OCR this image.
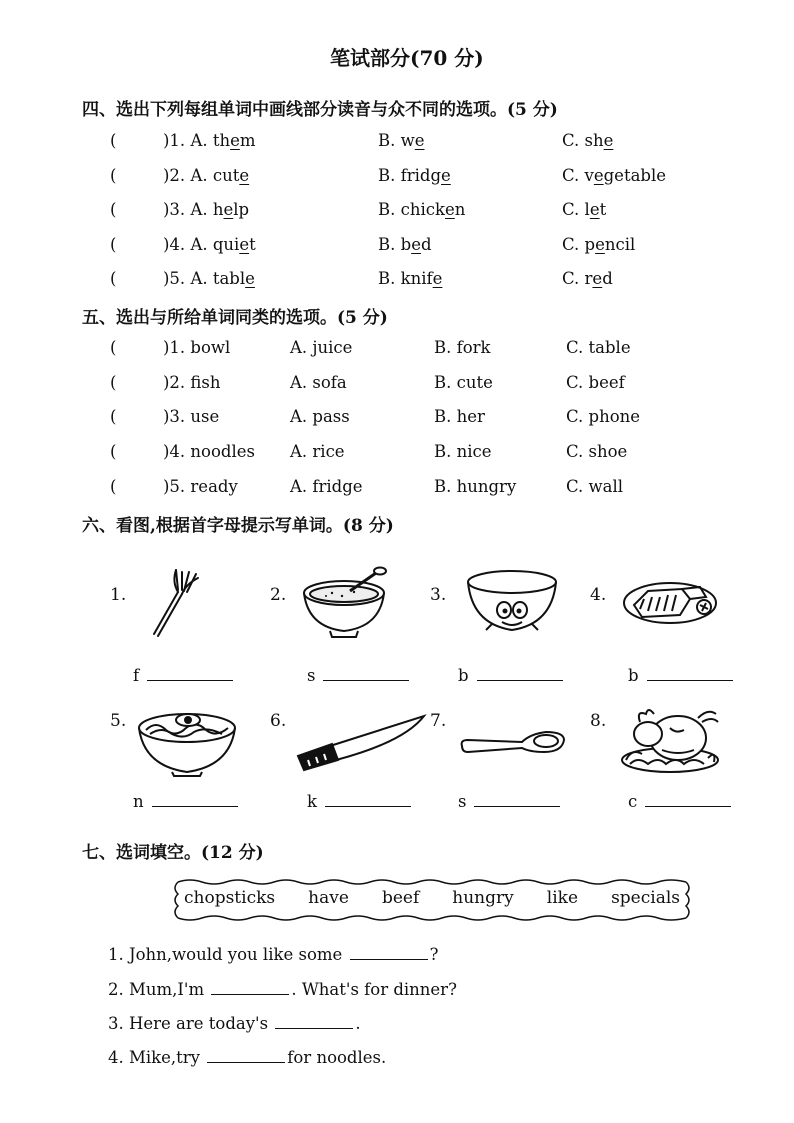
笔试部分(70 分)
四、选出下列每组单词中画线部分读音与众不同的选项。(5 分)
(	)1. A. them	B. we	C. she
(	)2. A. cute	B. fridge	C. vegetable
(	)3. A. help	B. chicken	C. let
(	)4. A. quiet	B. bed	C. pencil
(	)5. A. table	B. knife	C. red
五、选出与所给单词同类的选项。(5 分)
(	)1. bowl	A. juice	B. fork	C. table
(	)2. fish	A. sofa	B. cute	C. beef
(	)3. use	A. pass	B. her	C. phone
(	)4. noodles A. rice	B. nice	C. shoe
(	)5. ready	A. fridge	B. hungry	C. wall
六、看图,根据首字母提示写单词。(8 分)
1.	2.	3.	4.
f	s	b	b
5.	6.	7.	8.
n	k	s	c
七、选词填空。(12 分)
chopsticks have beef hungry like specials
1. John,would you like some	?
2. Mum,I'm	. What's for dinner?
3. Here are today's	.
4. Mike,try	for noodles.
